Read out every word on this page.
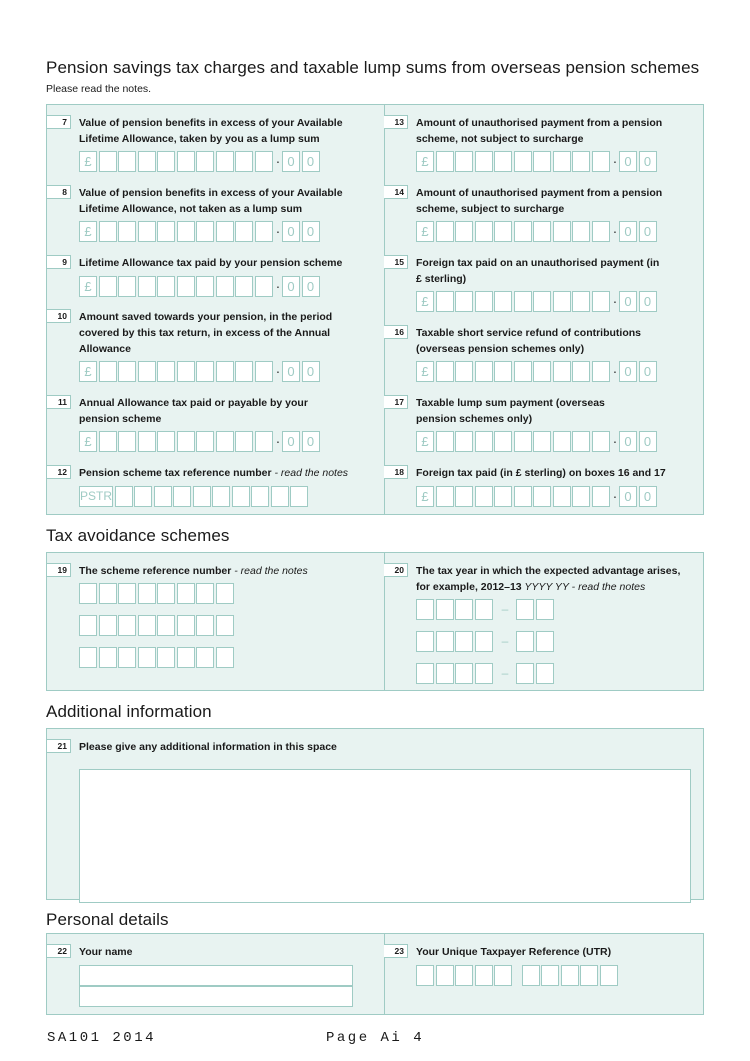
Pension savings tax charges and taxable lump sums from overseas pension schemes
Please read the notes.
7	Value of pension benefits in excess of your Available Lifetime Allowance, taken by you as a lump sum
£	· 0 0
8	Value of pension benefits in excess of your Available Lifetime Allowance, not taken as a lump sum
£	· 0 0
9	Lifetime Allowance tax paid by your pension scheme
£	· 0 0
10	Amount saved towards your pension, in the period covered by this tax return, in excess of the Annual Allowance
£	· 0 0
11	Annual Allowance tax paid or payable by your pension scheme
£	· 0 0
12	Pension scheme tax reference number - read the notes
PSTR
13	Amount of unauthorised payment from a pension scheme, not subject to surcharge
£	· 0 0
14	Amount of unauthorised payment from a pension scheme, subject to surcharge
£	· 0 0
15	Foreign tax paid on an unauthorised payment (in £ sterling)
£	· 0 0
16	Taxable short service refund of contributions (overseas pension schemes only)
£	· 0 0
17	Taxable lump sum payment (overseas pension schemes only)
£	· 0 0
18	Foreign tax paid (in £ sterling) on boxes 16 and 17
£	· 0 0
Tax avoidance schemes
19	The scheme reference number - read the notes	20	The tax year in which the expected advantage arises, for example, 2012–13 YYYY YY - read the notes
–
–
–
Additional information
21	Please give any additional information in this space
Personal details
22	Your name	23	Your Unique Taxpayer Reference (UTR)
SA101 2014	Page Ai 4
